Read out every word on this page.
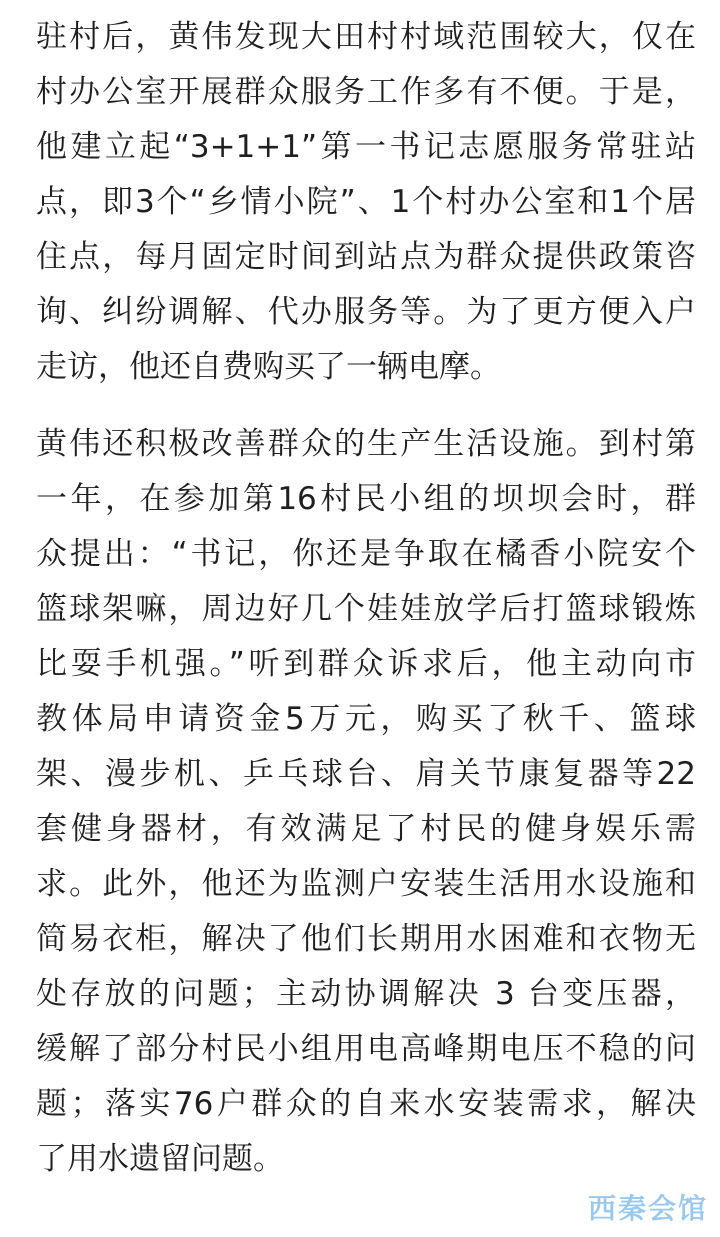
驻村后，黄伟发现大田村村域范围较大，仅在
村办公室开展群众服务工作多有不便。于是，
他建立起“3+1+1”第一书记志愿服务常驻站
点，即3个“乡情小院”、1个村办公室和1个居
住点，每月固定时间到站点为群众提供政策咨
询、纠纷调解、代办服务等。为了更方便入户
走访，他还自费购买了一辆电摩。

黄伟还积极改善群众的生产生活设施。到村第
一年，在参加第16村民小组的坝坝会时，群
众提出：“书记，你还是争取在橘香小院安个
篮球架嘛，周边好几个娃娃放学后打篮球锻炼
比耍手机强。”听到群众诉求后，他主动向市
教体局申请资金5万元，购买了秋千、篮球
架、漫步机、乒乓球台、肩关节康复器等22
套健身器材，有效满足了村民的健身娱乐需
求。此外，他还为监测户安装生活用水设施和
简易衣柜，解决了他们长期用水困难和衣物无
处存放的问题；主动协调解决 3 台变压器，
缓解了部分村民小组用电高峰期电压不稳的问
题；落实76户群众的自来水安装需求，解决
了用水遗留问题。

西秦会馆
